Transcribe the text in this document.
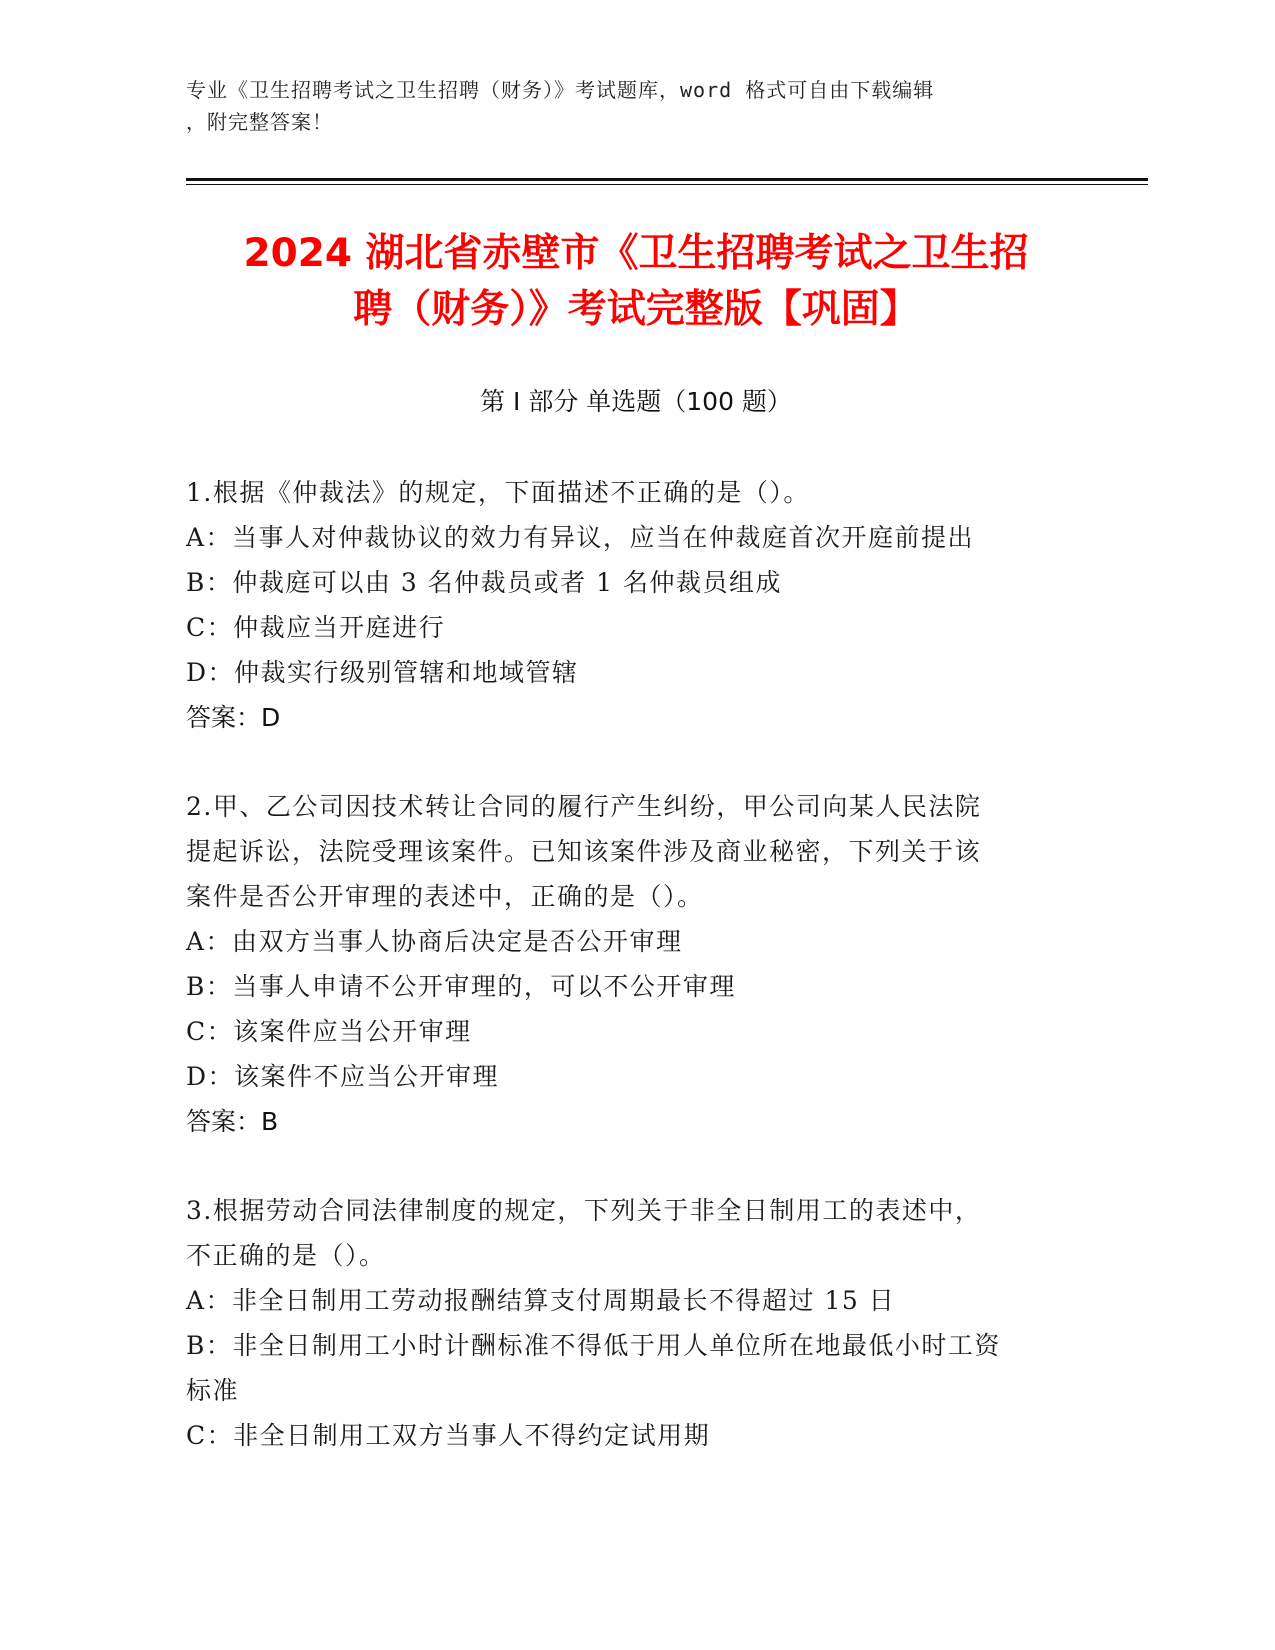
专业《卫生招聘考试之卫生招聘（财务）》考试题库，word 格式可自由下载编辑
，附完整答案！
2024 湖北省赤壁市《卫生招聘考试之卫生招
聘（财务）》考试完整版【巩固】
第 I 部分 单选题（100 题）
1.根据《仲裁法》的规定，下面描述不正确的是（）。
A：当事人对仲裁协议的效力有异议，应当在仲裁庭首次开庭前提出
B：仲裁庭可以由 3 名仲裁员或者 1 名仲裁员组成
C：仲裁应当开庭进行
D：仲裁实行级别管辖和地域管辖
答案：D
2.甲、乙公司因技术转让合同的履行产生纠纷，甲公司向某人民法院
提起诉讼，法院受理该案件。已知该案件涉及商业秘密，下列关于该
案件是否公开审理的表述中，正确的是（）。
A：由双方当事人协商后决定是否公开审理
B：当事人申请不公开审理的，可以不公开审理
C：该案件应当公开审理
D：该案件不应当公开审理
答案：B
3.根据劳动合同法律制度的规定，下列关于非全日制用工的表述中，
不正确的是（）。
A：非全日制用工劳动报酬结算支付周期最长不得超过 15 日
B：非全日制用工小时计酬标准不得低于用人单位所在地最低小时工资
标准
C：非全日制用工双方当事人不得约定试用期
